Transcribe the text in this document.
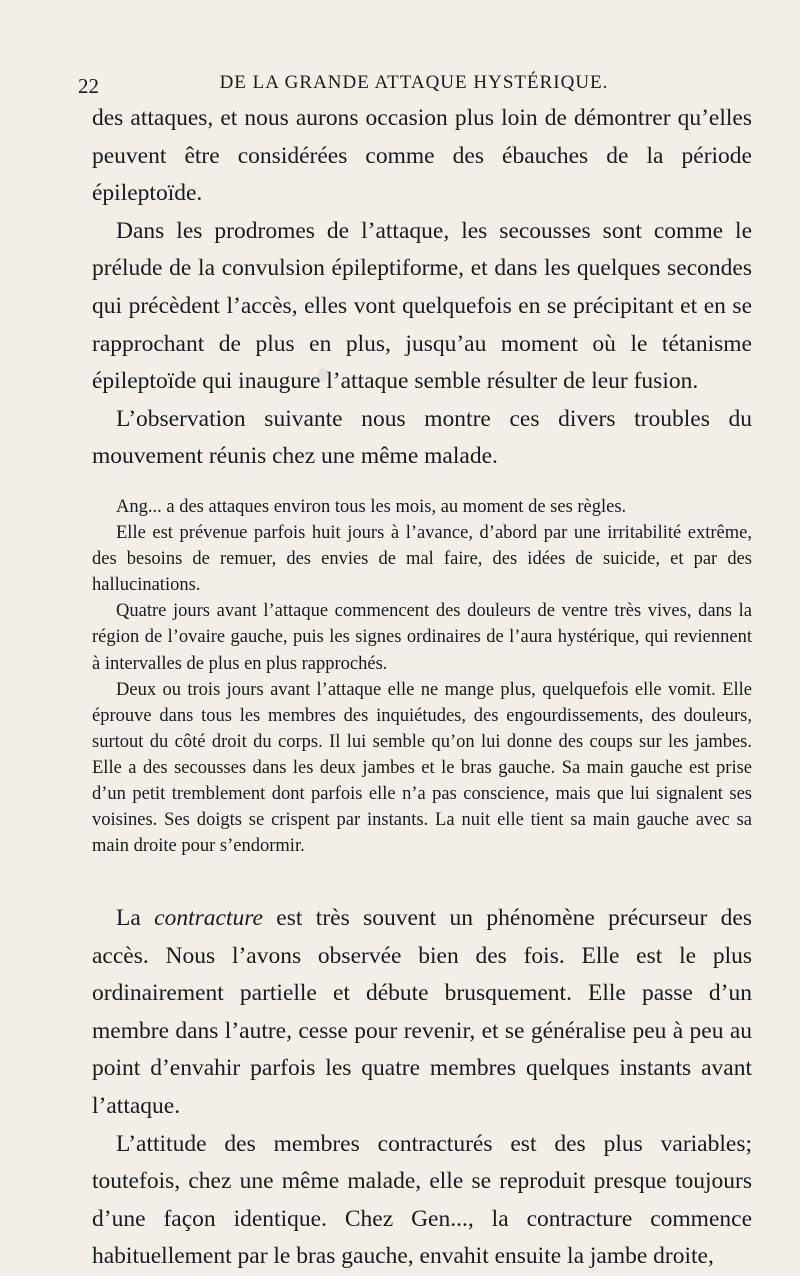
22	DE LA GRANDE ATTAQUE HYSTÉRIQUE.

des attaques, et nous aurons occasion plus loin de démontrer qu’elles peuvent être considérées comme des ébauches de la période épileptoïde.

Dans les prodromes de l’attaque, les secousses sont comme le prélude de la convulsion épileptiforme, et dans les quelques secondes qui précèdent l’accès, elles vont quelquefois en se précipitant et en se rapprochant de plus en plus, jusqu’au moment où le tétanisme épileptoïde qui inaugure l’attaque semble résulter de leur fusion.

L’observation suivante nous montre ces divers troubles du mouvement réunis chez une même malade.

Ang... a des attaques environ tous les mois, au moment de ses règles.

Elle est prévenue parfois huit jours à l’avance, d’abord par une irritabilité extrême, des besoins de remuer, des envies de mal faire, des idées de suicide, et par des hallucinations.

Quatre jours avant l’attaque commencent des douleurs de ventre très vives, dans la région de l’ovaire gauche, puis les signes ordinaires de l’aura hystérique, qui reviennent à intervalles de plus en plus rapprochés.

Deux ou trois jours avant l’attaque elle ne mange plus, quelquefois elle vomit. Elle éprouve dans tous les membres des inquiétudes, des engourdissements, des douleurs, surtout du côté droit du corps. Il lui semble qu’on lui donne des coups sur les jambes. Elle a des secousses dans les deux jambes et le bras gauche. Sa main gauche est prise d’un petit tremblement dont parfois elle n’a pas conscience, mais que lui signalent ses voisines. Ses doigts se crispent par instants. La nuit elle tient sa main gauche avec sa main droite pour s’endormir.

La contracture est très souvent un phénomène précurseur des accès. Nous l’avons observée bien des fois. Elle est le plus ordinairement partielle et débute brusquement. Elle passe d’un membre dans l’autre, cesse pour revenir, et se généralise peu à peu au point d’envahir parfois les quatre membres quelques instants avant l’attaque.

L’attitude des membres contracturés est des plus variables; toutefois, chez une même malade, elle se reproduit presque toujours d’une façon identique. Chez Gen..., la contracture commence habituellement par le bras gauche, envahit ensuite la jambe droite,
